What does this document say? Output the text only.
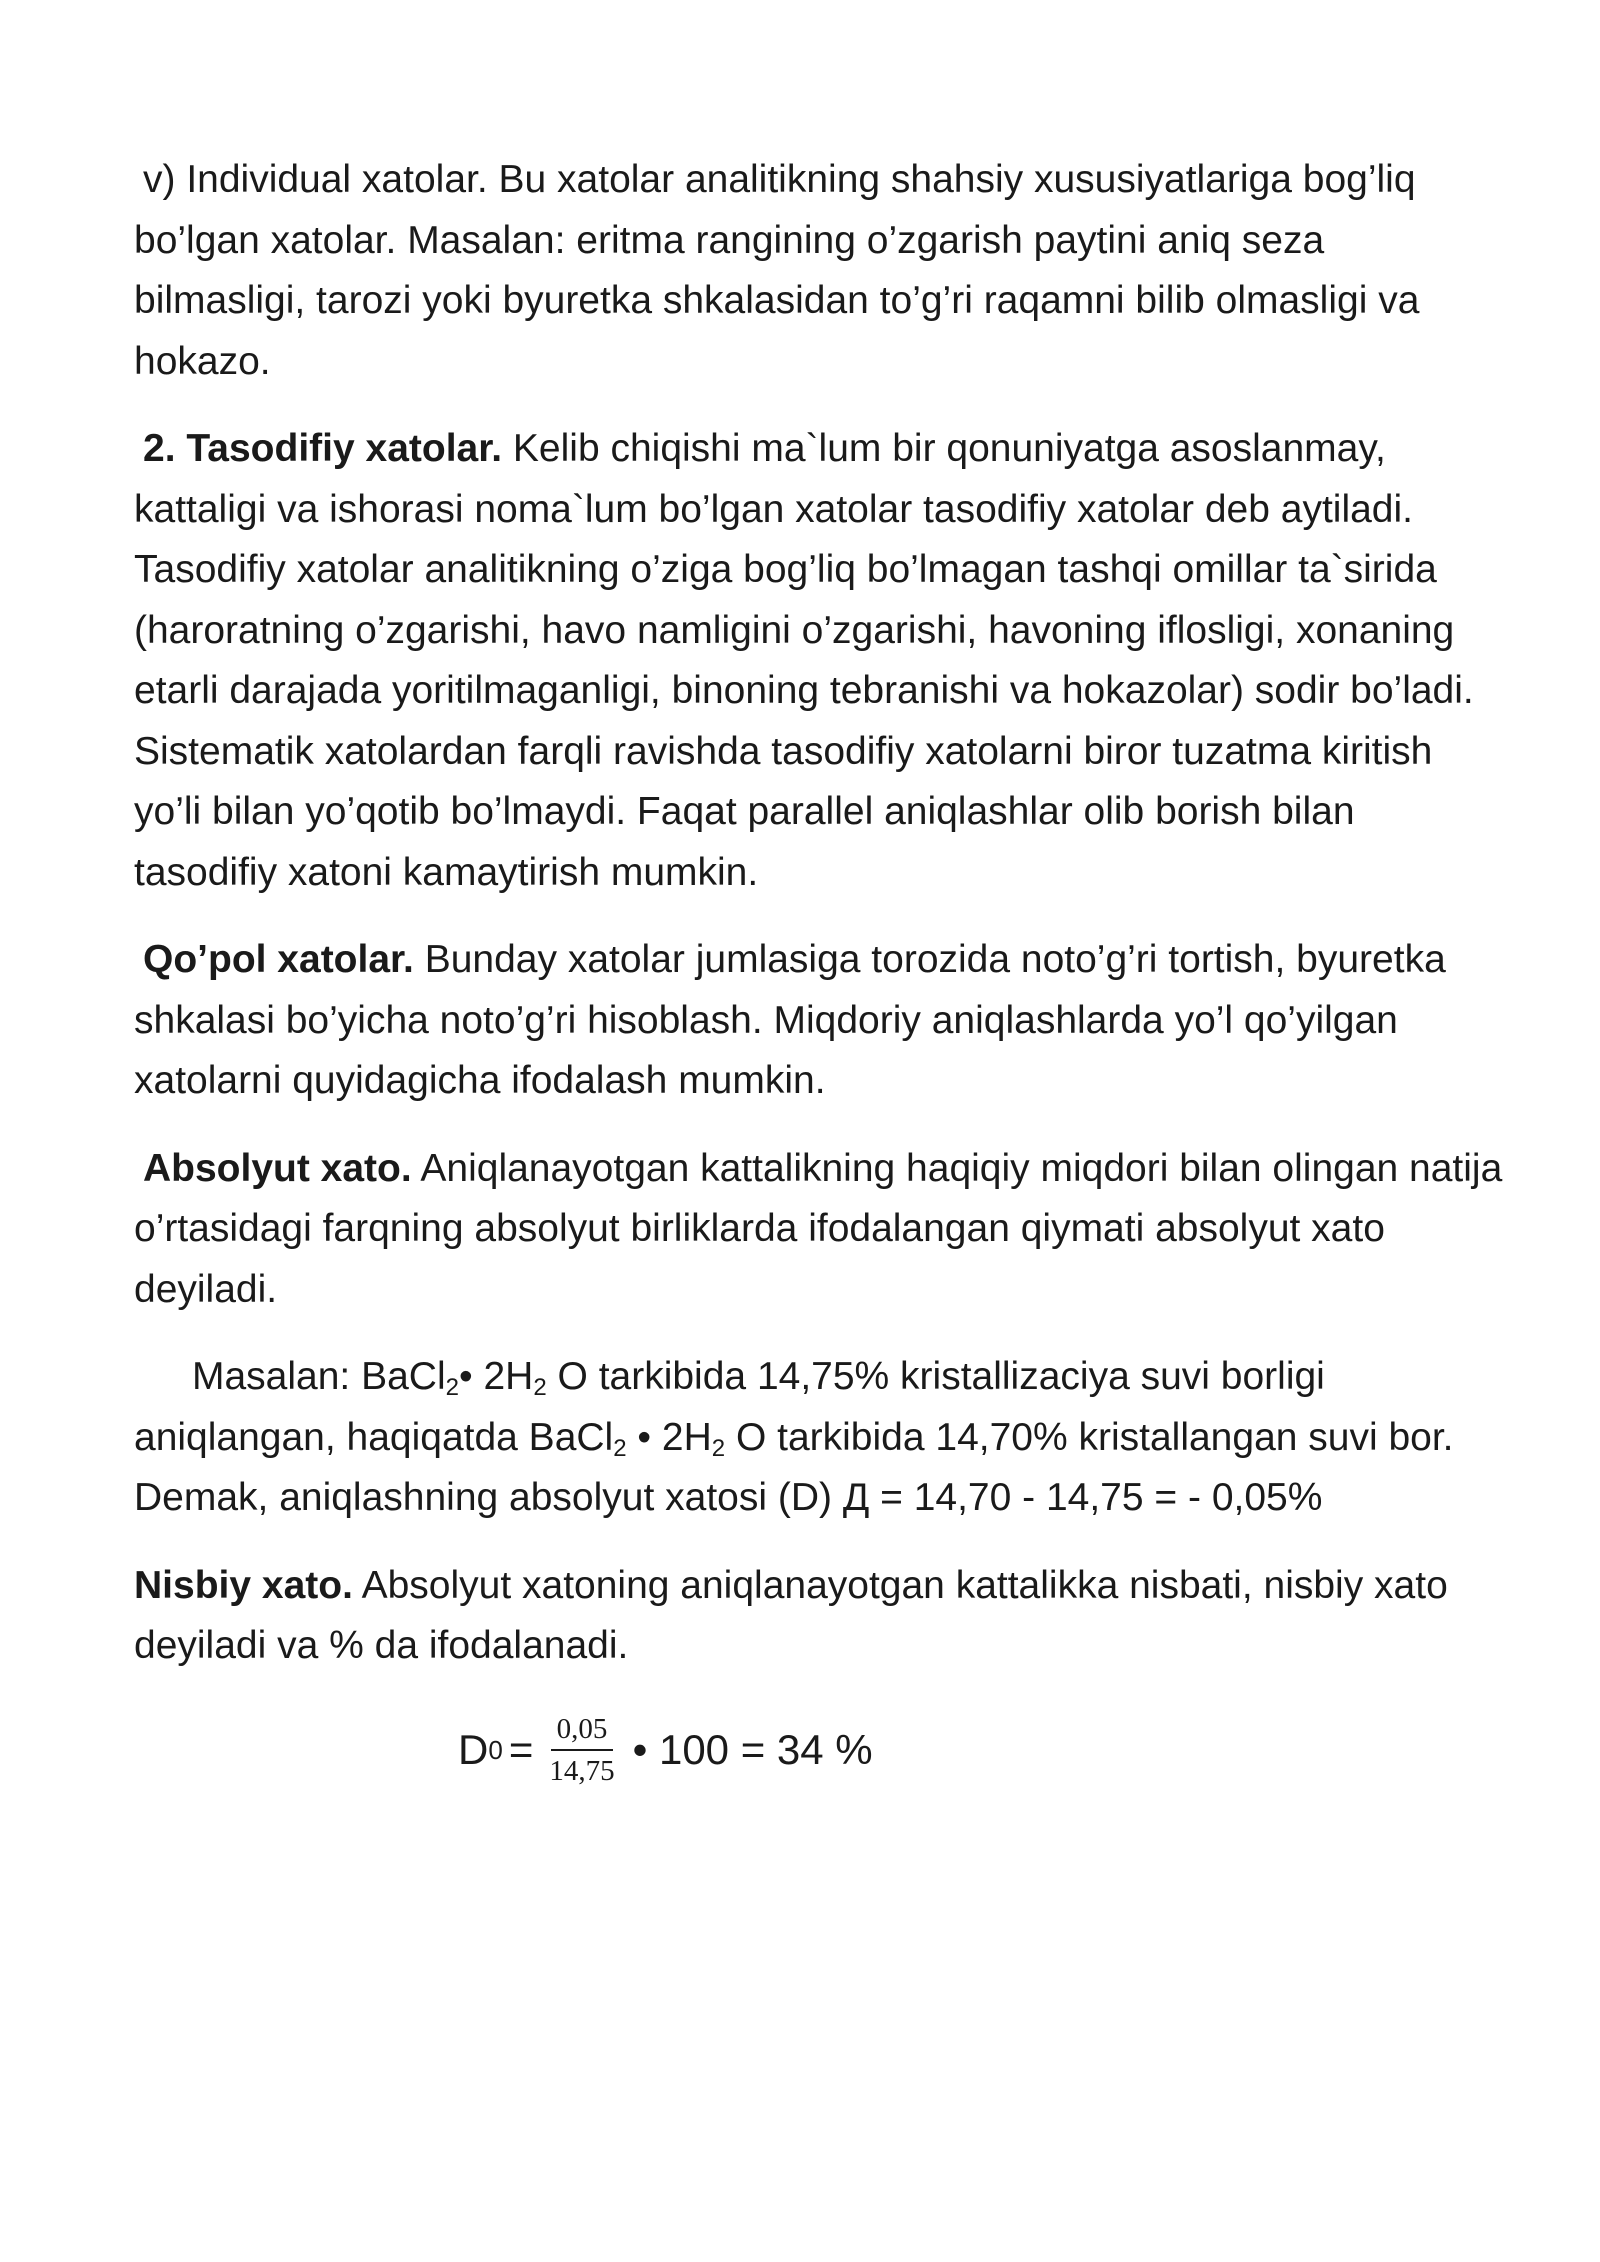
v) Individual xatolar. Bu xatolar analitikning shahsiy xususiyatlariga bog’liq bo’lgan xatolar. Masalan: eritma rangining o’zgarish paytini aniq seza bilmasligi, tarozi yoki byuretka shkalasidan to’g’ri raqamni bilib olmasligi va hokazo.

2. Tasodifiy xatolar. Kelib chiqishi ma`lum bir qonuniyatga asoslanmay, kattaligi va ishorasi noma`lum bo’lgan xatolar tasodifiy xatolar deb aytiladi. Tasodifiy xatolar analitikning o’ziga bog’liq bo’lmagan tashqi omillar ta`sirida (haroratning o’zgarishi, havo namligini o’zgarishi, havoning iflosligi, xonaning etarli darajada yoritilmaganligi, binoning tebranishi va hokazolar) sodir bo’ladi. Sistematik xatolardan farqli ravishda tasodifiy xatolarni biror tuzatma kiritish yo’li bilan yo’qotib bo’lmaydi. Faqat parallel aniqlashlar olib borish bilan tasodifiy xatoni kamaytirish mumkin.

Qo’pol xatolar. Bunday xatolar jumlasiga torozida noto’g’ri tortish, byuretka shkalasi bo’yicha noto’g’ri hisoblash. Miqdoriy aniqlashlarda yo’l qo’yilgan xatolarni quyidagicha ifodalash mumkin.

Absolyut xato. Aniqlanayotgan kattalikning haqiqiy miqdori bilan olingan natija o’rtasidagi farqning absolyut birliklarda ifodalangan qiymati absolyut xato deyiladi.

Masalan: BaCl$_2$• $2H_2$ O tarkibida 14,75% kristallizaciya suvi borligi aniqlangan, haqiqatda BaCl$_2$ • $2H_2$ O tarkibida 14,70% kristallangan suvi bor. Demak, aniqlashning absolyut xatosi (D) Д = 14,70 - 14,75 = - 0,05%

Nisbiy xato. Absolyut xatoning aniqlanayotgan kattalikka nisbati, nisbiy xato deyiladi va % da ifodalanadi.

D $0 = \frac{0,05}{14,75}$ • 100 = 34 %
